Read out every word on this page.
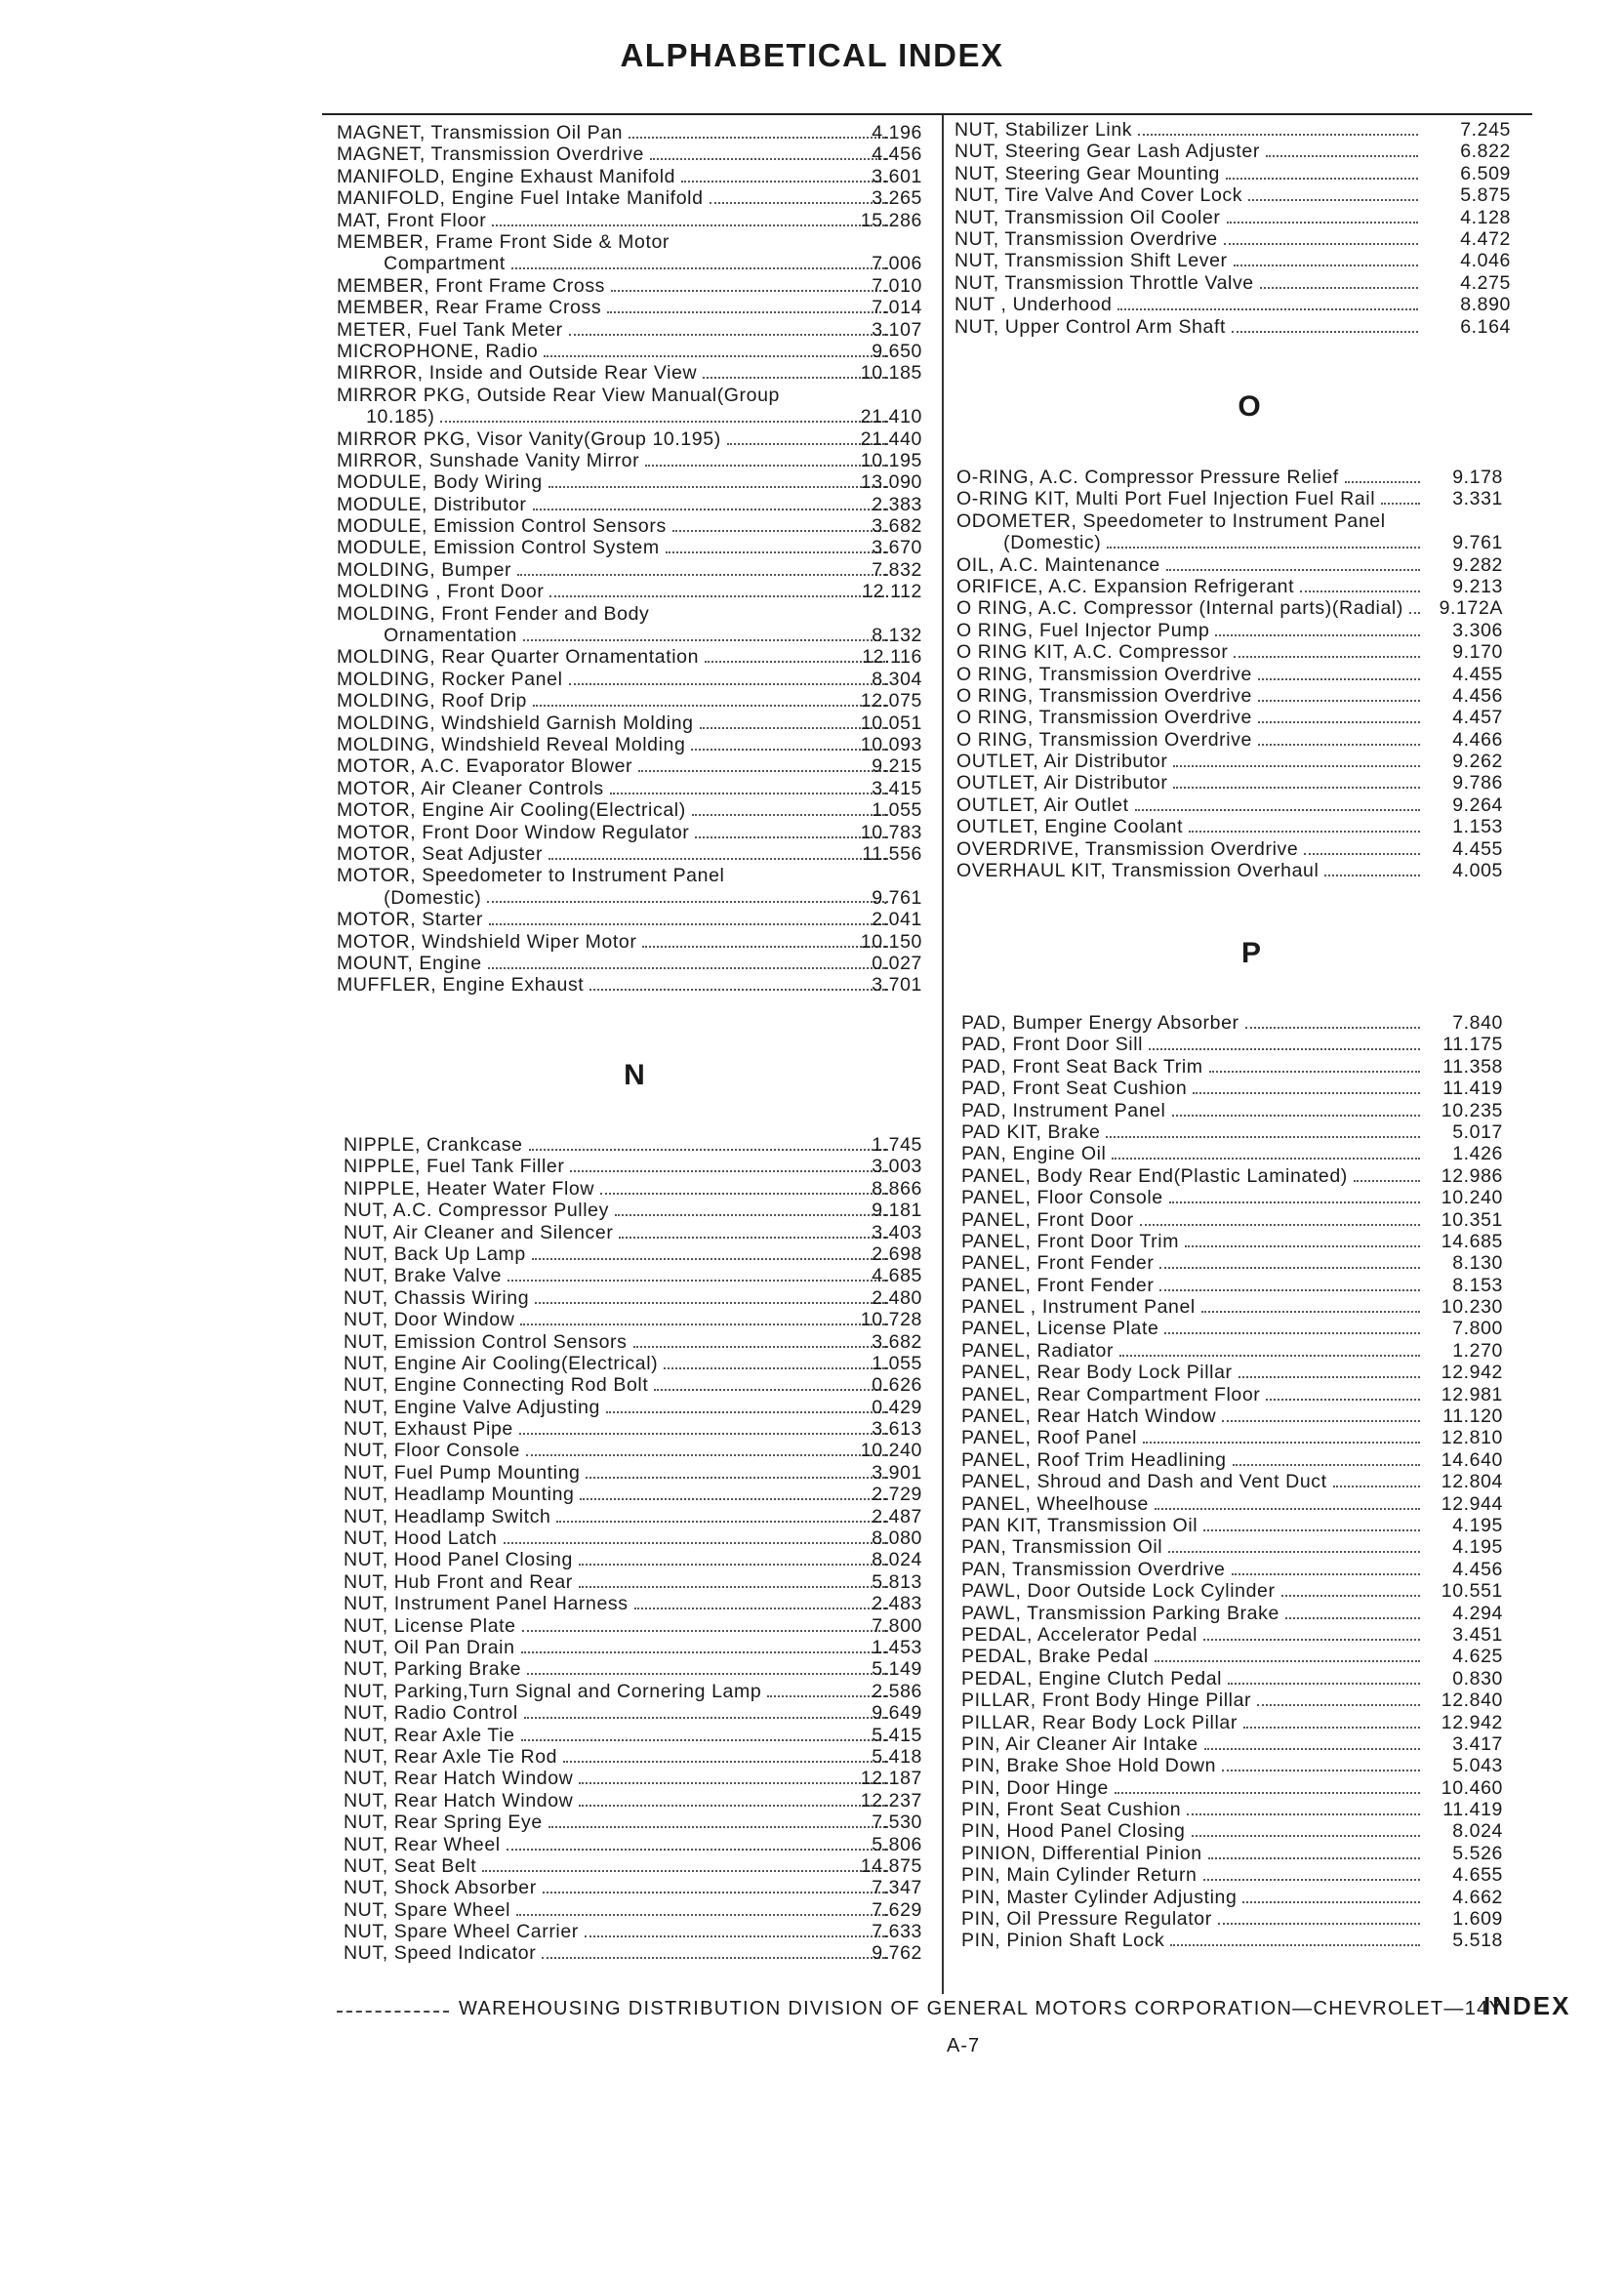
ALPHABETICAL INDEX
MAGNET, Transmission Oil Pan	4.196
MAGNET, Transmission Overdrive	4.456
MANIFOLD, Engine Exhaust Manifold	3.601
MANIFOLD, Engine Fuel Intake Manifold	3.265
MAT, Front Floor	15.286
MEMBER, Frame Front Side & Motor
Compartment	7.006
MEMBER, Front Frame Cross	7.010
MEMBER, Rear Frame Cross	7.014
METER, Fuel Tank Meter	3.107
MICROPHONE, Radio	9.650
MIRROR, Inside and Outside Rear View	10.185
MIRROR PKG, Outside Rear View Manual(Group
10.185)	21.410
MIRROR PKG, Visor Vanity(Group 10.195)	21.440
MIRROR, Sunshade Vanity Mirror	10.195
MODULE, Body Wiring	13.090
MODULE, Distributor	2.383
MODULE, Emission Control Sensors	3.682
MODULE, Emission Control System	3.670
MOLDING, Bumper	7.832
MOLDING , Front Door	12.112
MOLDING, Front Fender and Body
Ornamentation	8.132
MOLDING, Rear Quarter Ornamentation	12.116
MOLDING, Rocker Panel	8.304
MOLDING, Roof Drip	12.075
MOLDING, Windshield Garnish Molding	10.051
MOLDING, Windshield Reveal Molding	10.093
MOTOR, A.C. Evaporator Blower	9.215
MOTOR, Air Cleaner Controls	3.415
MOTOR, Engine Air Cooling(Electrical)	1.055
MOTOR, Front Door Window Regulator	10.783
MOTOR, Seat Adjuster	11.556
MOTOR, Speedometer to Instrument Panel
(Domestic)	9.761
MOTOR, Starter	2.041
MOTOR, Windshield Wiper Motor	10.150
MOUNT, Engine	0.027
MUFFLER, Engine Exhaust	3.701
N
NIPPLE, Crankcase	1.745
NIPPLE, Fuel Tank Filler	3.003
NIPPLE, Heater Water Flow	8.866
NUT, A.C. Compressor Pulley	9.181
NUT, Air Cleaner and Silencer	3.403
NUT, Back Up Lamp	2.698
NUT, Brake Valve	4.685
NUT, Chassis Wiring	2.480
NUT, Door Window	10.728
NUT, Emission Control Sensors	3.682
NUT, Engine Air Cooling(Electrical)	1.055
NUT, Engine Connecting Rod Bolt	0.626
NUT, Engine Valve Adjusting	0.429
NUT, Exhaust Pipe	3.613
NUT, Floor Console	10.240
NUT, Fuel Pump Mounting	3.901
NUT, Headlamp Mounting	2.729
NUT, Headlamp Switch	2.487
NUT, Hood Latch	8.080
NUT, Hood Panel Closing	8.024
NUT, Hub Front and Rear	5.813
NUT, Instrument Panel Harness	2.483
NUT, License Plate	7.800
NUT, Oil Pan Drain	1.453
NUT, Parking Brake	5.149
NUT, Parking,Turn Signal and Cornering Lamp	2.586
NUT, Radio Control	9.649
NUT, Rear Axle Tie	5.415
NUT, Rear Axle Tie Rod	5.418
NUT, Rear Hatch Window	12.187
NUT, Rear Hatch Window	12.237
NUT, Rear Spring Eye	7.530
NUT, Rear Wheel	5.806
NUT, Seat Belt	14.875
NUT, Shock Absorber	7.347
NUT, Spare Wheel	7.629
NUT, Spare Wheel Carrier	7.633
NUT, Speed Indicator	9.762
NUT, Stabilizer Link	7.245
NUT, Steering Gear Lash Adjuster	6.822
NUT, Steering Gear Mounting	6.509
NUT, Tire Valve And Cover Lock	5.875
NUT, Transmission Oil Cooler	4.128
NUT, Transmission Overdrive	4.472
NUT, Transmission Shift Lever	4.046
NUT, Transmission Throttle Valve	4.275
NUT , Underhood	8.890
NUT, Upper Control Arm Shaft	6.164
O
O-RING, A.C. Compressor Pressure Relief	9.178
O-RING KIT, Multi Port Fuel Injection Fuel Rail	3.331
ODOMETER, Speedometer to Instrument Panel
(Domestic)	9.761
OIL, A.C. Maintenance	9.282
ORIFICE, A.C. Expansion Refrigerant	9.213
O RING, A.C. Compressor (Internal parts)(Radial)	9.172A
O RING, Fuel Injector Pump	3.306
O RING KIT, A.C. Compressor	9.170
O RING, Transmission Overdrive	4.455
O RING, Transmission Overdrive	4.456
O RING, Transmission Overdrive	4.457
O RING, Transmission Overdrive	4.466
OUTLET, Air Distributor	9.262
OUTLET, Air Distributor	9.786
OUTLET, Air Outlet	9.264
OUTLET, Engine Coolant	1.153
OVERDRIVE, Transmission Overdrive	4.455
OVERHAUL KIT, Transmission Overhaul	4.005
P
PAD, Bumper Energy Absorber	7.840
PAD, Front Door Sill	11.175
PAD, Front Seat Back Trim	11.358
PAD, Front Seat Cushion	11.419
PAD, Instrument Panel	10.235
PAD KIT, Brake	5.017
PAN, Engine Oil	1.426
PANEL, Body Rear End(Plastic Laminated)	12.986
PANEL, Floor Console	10.240
PANEL, Front Door	10.351
PANEL, Front Door Trim	14.685
PANEL, Front Fender	8.130
PANEL, Front Fender	8.153
PANEL , Instrument Panel	10.230
PANEL, License Plate	7.800
PANEL, Radiator	1.270
PANEL, Rear Body Lock Pillar	12.942
PANEL, Rear Compartment Floor	12.981
PANEL, Rear Hatch Window	11.120
PANEL, Roof Panel	12.810
PANEL, Roof Trim Headlining	14.640
PANEL, Shroud and Dash and Vent Duct	12.804
PANEL, Wheelhouse	12.944
PAN KIT, Transmission Oil	4.195
PAN, Transmission Oil	4.195
PAN, Transmission Overdrive	4.456
PAWL, Door Outside Lock Cylinder	10.551
PAWL, Transmission Parking Brake	4.294
PEDAL, Accelerator Pedal	3.451
PEDAL, Brake Pedal	4.625
PEDAL, Engine Clutch Pedal	0.830
PILLAR, Front Body Hinge Pillar	12.840
PILLAR, Rear Body Lock Pillar	12.942
PIN, Air Cleaner Air Intake	3.417
PIN, Brake Shoe Hold Down	5.043
PIN, Door Hinge	10.460
PIN, Front Seat Cushion	11.419
PIN, Hood Panel Closing	8.024
PINION, Differential Pinion	5.526
PIN, Main Cylinder Return	4.655
PIN, Master Cylinder Adjusting	4.662
PIN, Oil Pressure Regulator	1.609
PIN, Pinion Shaft Lock	5.518
WAREHOUSING DISTRIBUTION DIVISION OF GENERAL MOTORS CORPORATION—CHEVROLET—14Y
A-7
INDEX
